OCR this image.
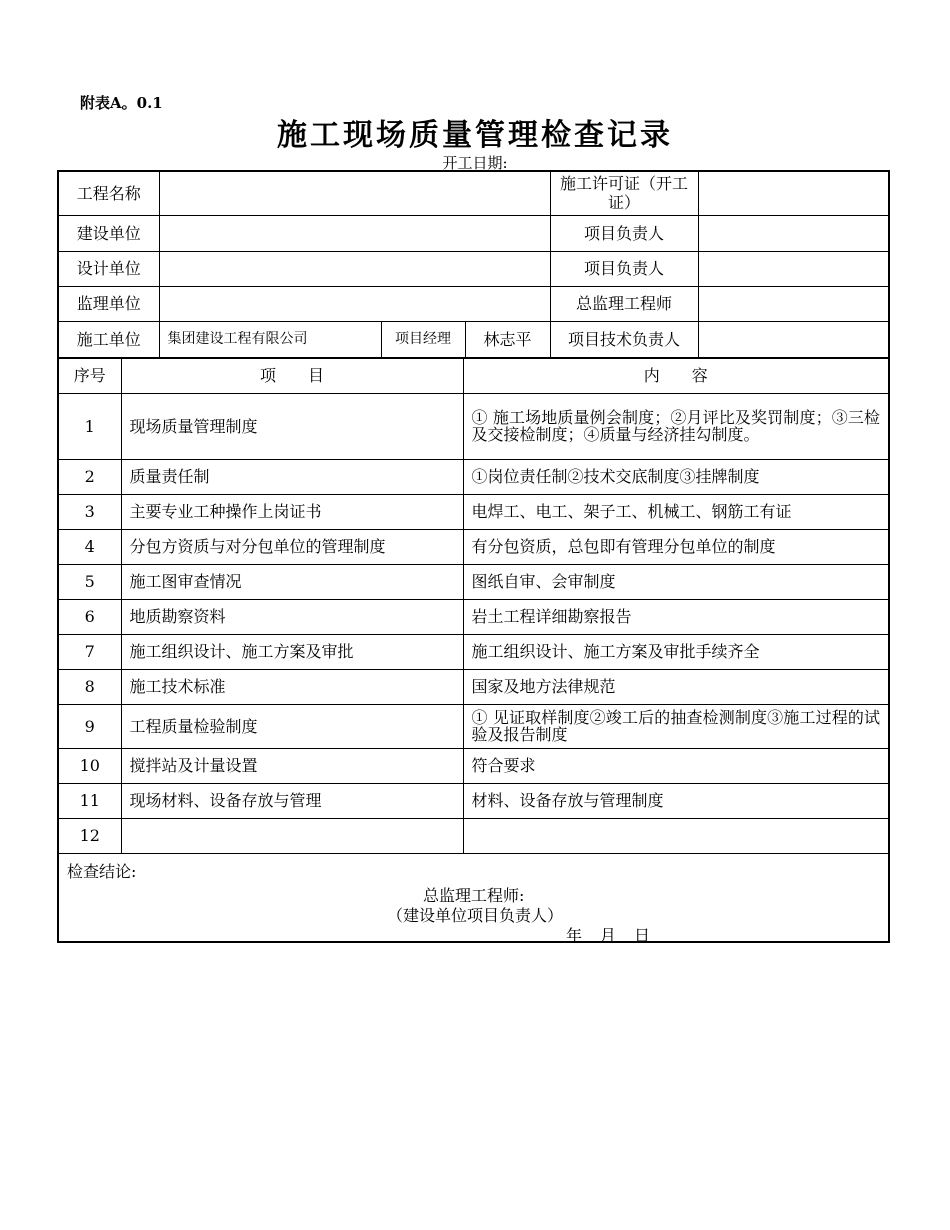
附表A。0.1
施工现场质量管理检查记录
开工日期:
工程名称				施工许可证（开工证）	
建设单位				项目负责人	
设计单位				项目负责人	
监理单位				总监理工程师	
施工单位	集团建设工程有限公司	项目经理	林志平	项目技术负责人	
序号	项　　目	内　　容
1	现场质量管理制度	① 施工场地质量例会制度；②月评比及奖罚制度；③三检及交接检制度；④质量与经济挂勾制度。
2	质量责任制	①岗位责任制②技术交底制度③挂牌制度
3	主要专业工种操作上岗证书	电焊工、电工、架子工、机械工、钢筋工有证
4	分包方资质与对分包单位的管理制度	有分包资质，总包即有管理分包单位的制度
5	施工图审查情况	图纸自审、会审制度
6	地质勘察资料	岩土工程详细勘察报告
7	施工组织设计、施工方案及审批	施工组织设计、施工方案及审批手续齐全
8	施工技术标准	国家及地方法律规范
9	工程质量检验制度	① 见证取样制度②竣工后的抽查检测制度③施工过程的试验及报告制度
10	搅拌站及计量设置	符合要求
11	现场材料、设备存放与管理	材料、设备存放与管理制度
12		

检查结论:
总监理工程师:
（建设单位项目负责人）
年　月　日		
